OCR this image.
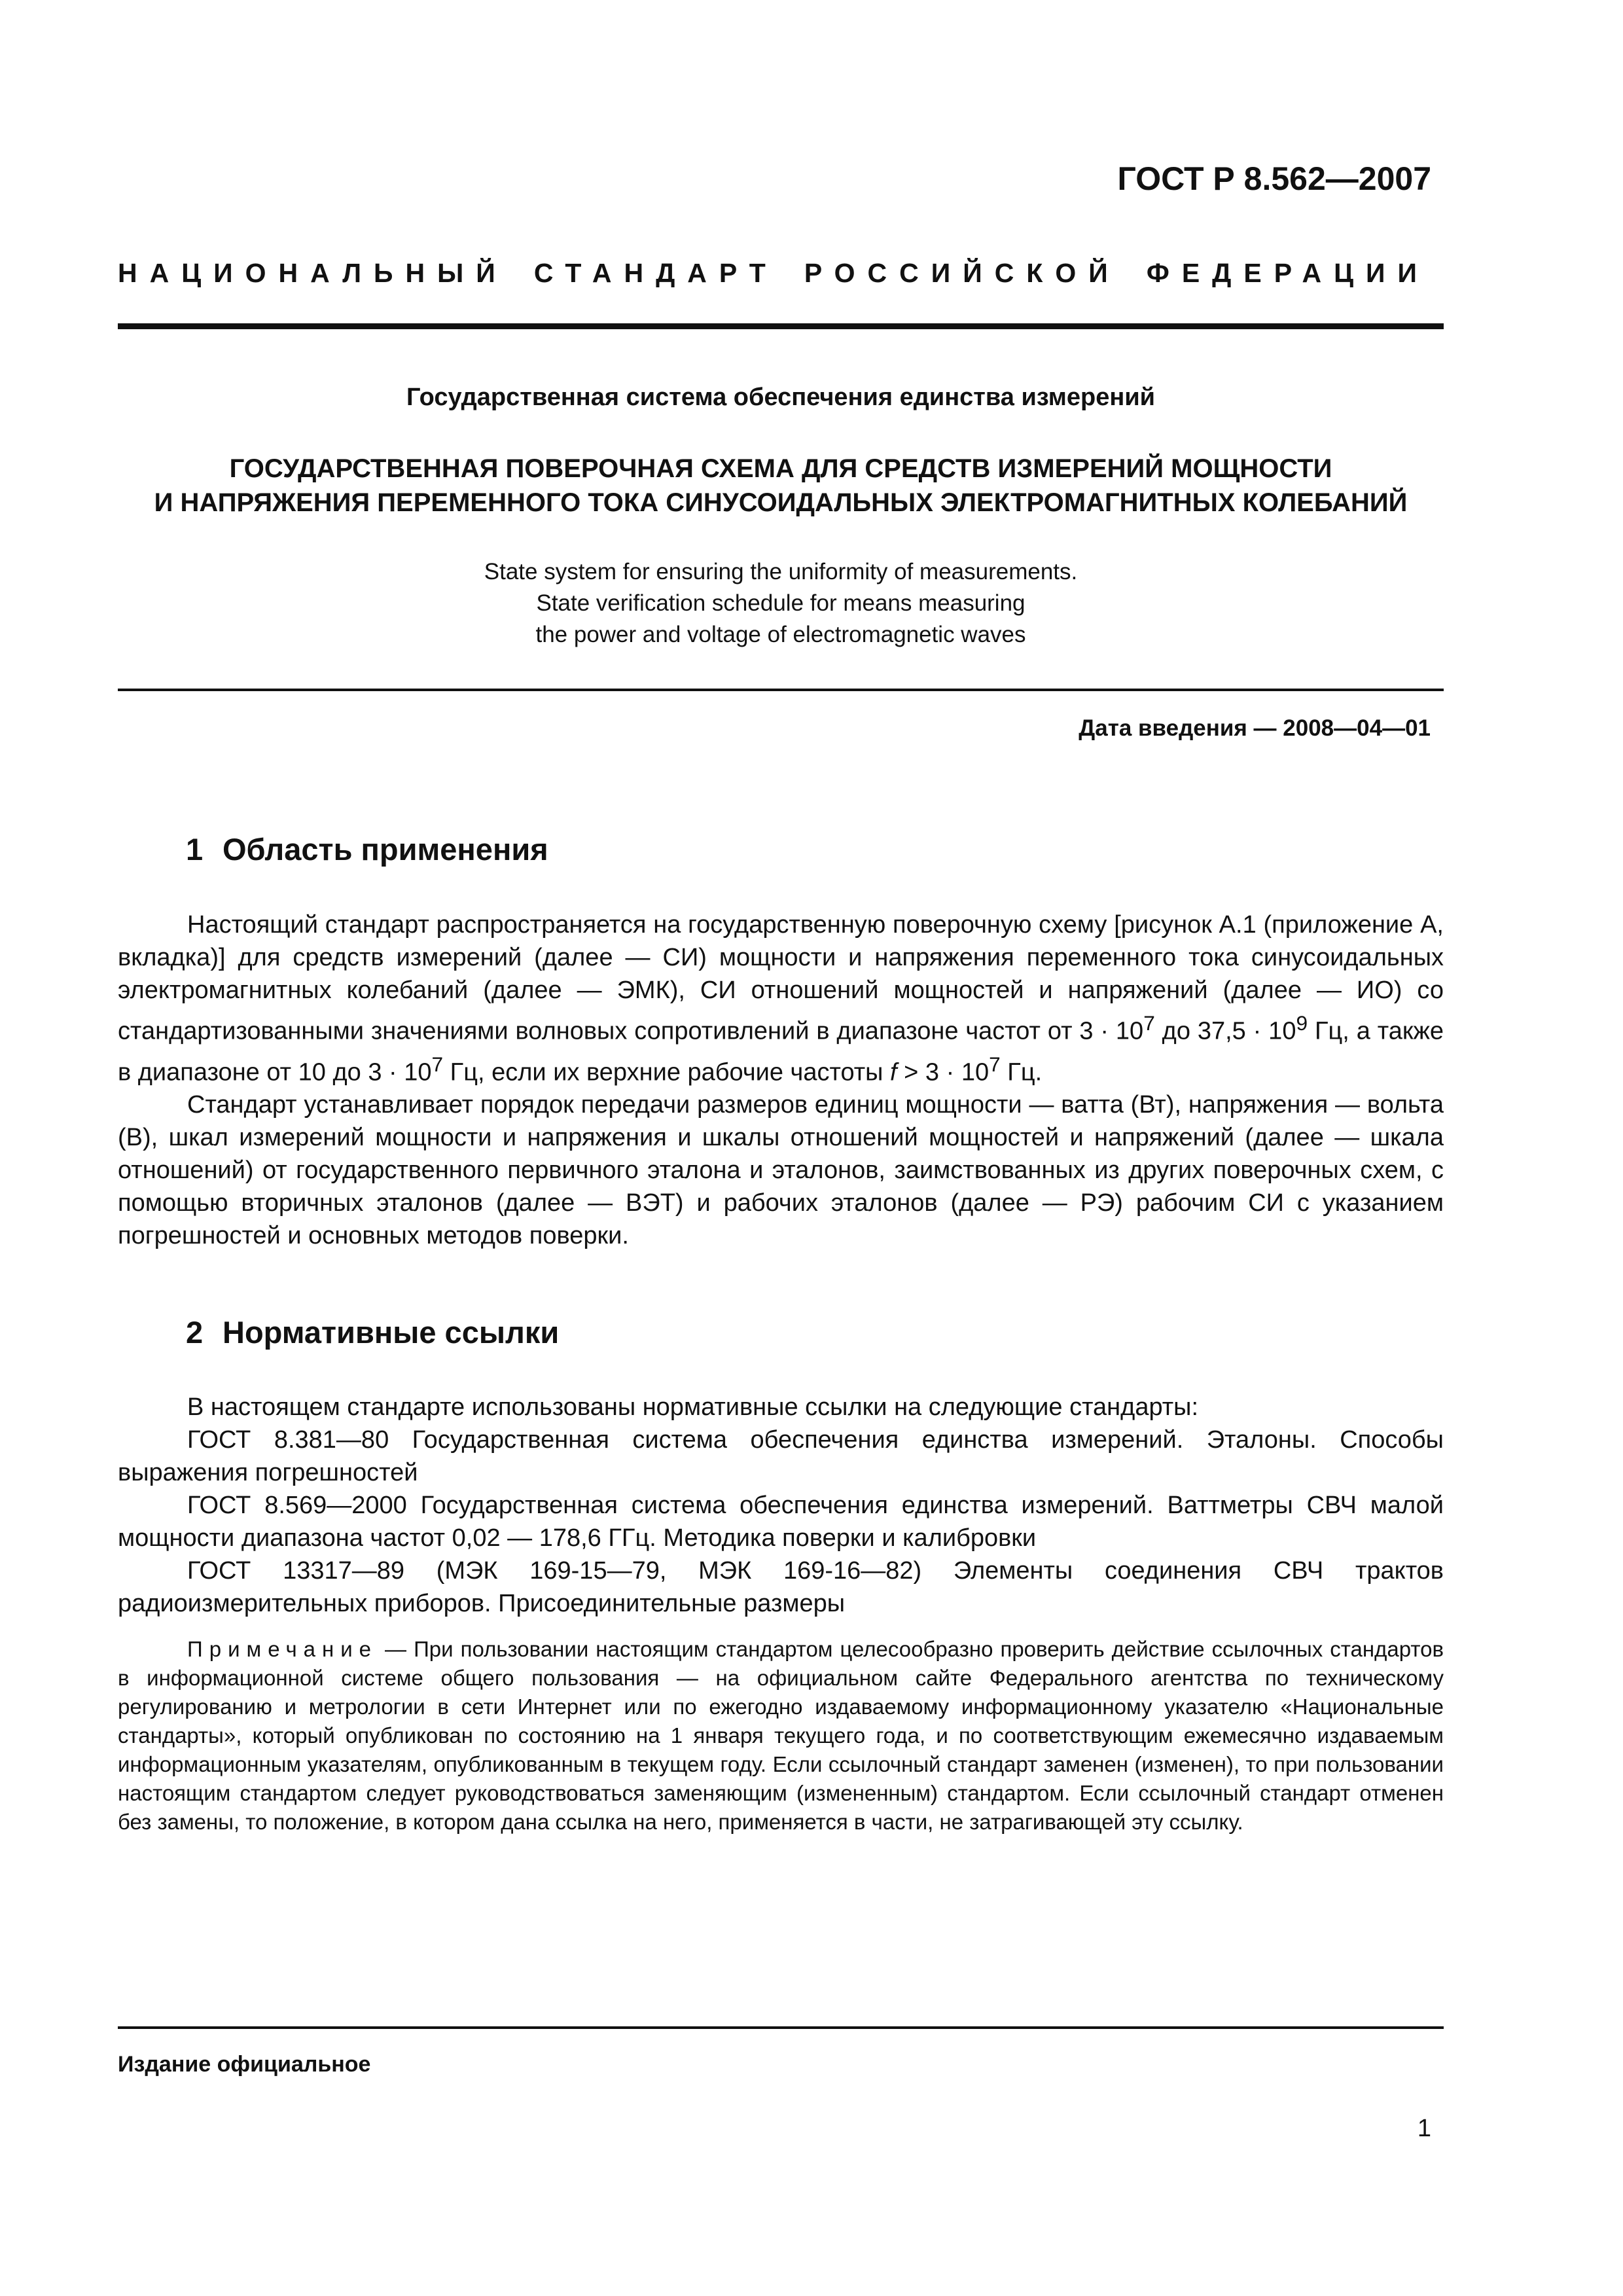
ГОСТ Р 8.562—2007
НАЦИОНАЛЬНЫЙ СТАНДАРТ РОССИЙСКОЙ ФЕДЕРАЦИИ
Государственная система обеспечения единства измерений
ГОСУДАРСТВЕННАЯ ПОВЕРОЧНАЯ СХЕМА ДЛЯ СРЕДСТВ ИЗМЕРЕНИЙ МОЩНОСТИ
И НАПРЯЖЕНИЯ ПЕРЕМЕННОГО ТОКА СИНУСОИДАЛЬНЫХ ЭЛЕКТРОМАГНИТНЫХ КОЛЕБАНИЙ
State system for ensuring the uniformity of measurements.
State verification schedule for means measuring
the power and voltage of electromagnetic waves
Дата введения — 2008—04—01
1 Область применения

Настоящий стандарт распространяется на государственную поверочную схему [рисунок А.1 (приложение А, вкладка)] для средств измерений (далее — СИ) мощности и напряжения переменного тока синусоидальных электромагнитных колебаний (далее — ЭМК), СИ отношений мощностей и напряжений (далее — ИО) со стандартизованными значениями волновых сопротивлений в диапазоне частот от $3 \cdot 10^7$ до $37,5 \cdot 10^9$ Гц, а также в диапазоне от 10 до $3 \cdot 10^7$ Гц, если их верхние рабочие частоты $f > 3 \cdot 10^7$ Гц.

Стандарт устанавливает порядок передачи размеров единиц мощности — ватта (Вт), напряжения — вольта (В), шкал измерений мощности и напряжения и шкалы отношений мощностей и напряжений (далее — шкала отношений) от государственного первичного эталона и эталонов, заимствованных из других поверочных схем, с помощью вторичных эталонов (далее — ВЭТ) и рабочих эталонов (далее — РЭ) рабочим СИ с указанием погрешностей и основных методов поверки.

2 Нормативные ссылки

В настоящем стандарте использованы нормативные ссылки на следующие стандарты:

ГОСТ 8.381—80 Государственная система обеспечения единства измерений. Эталоны. Способы выражения погрешностей

ГОСТ 8.569—2000 Государственная система обеспечения единства измерений. Ваттметры СВЧ малой мощности диапазона частот 0,02 — 178,6 ГГц. Методика поверки и калибровки

ГОСТ 13317—89 (МЭК 169-15—79, МЭК 169-16—82) Элементы соединения СВЧ трактов радиоизмерительных приборов. Присоединительные размеры

Примечание — При пользовании настоящим стандартом целесообразно проверить действие ссылочных стандартов в информационной системе общего пользования — на официальном сайте Федерального агентства по техническому регулированию и метрологии в сети Интернет или по ежегодно издаваемому информационному указателю «Национальные стандарты», который опубликован по состоянию на 1 января текущего года, и по соответствующим ежемесячно издаваемым информационным указателям, опубликованным в текущем году. Если ссылочный стандарт заменен (изменен), то при пользовании настоящим стандартом следует руководствоваться заменяющим (измененным) стандартом. Если ссылочный стандарт отменен без замены, то положение, в котором дана ссылка на него, применяется в части, не затрагивающей эту ссылку.

Издание официальное
1
